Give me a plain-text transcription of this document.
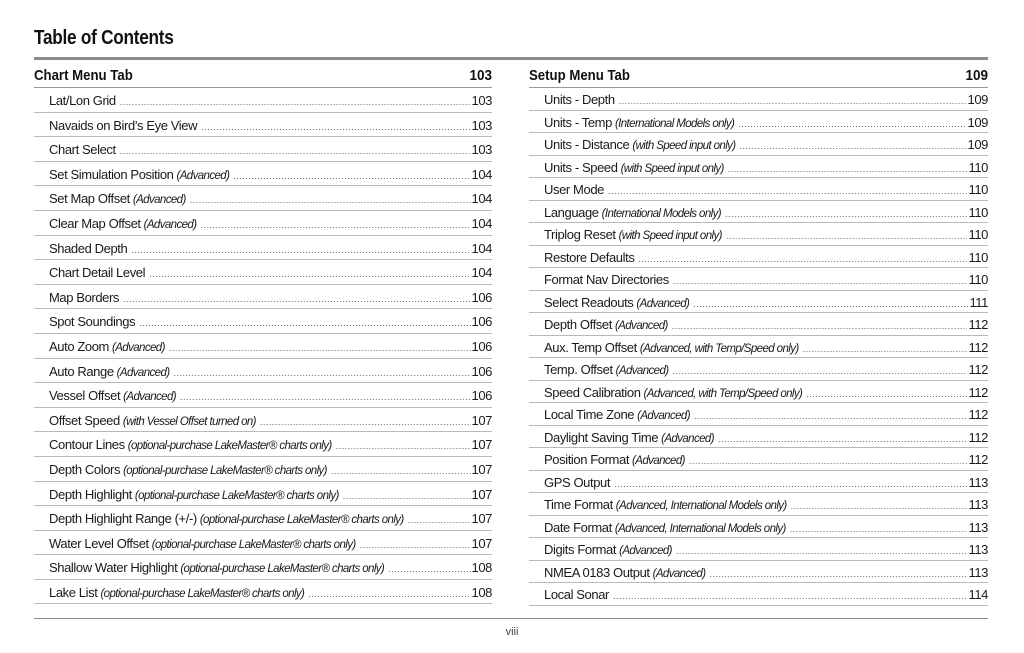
Table of Contents
Chart Menu Tab	103
Lat/Lon Grid .....	103
Navaids on Bird’s Eye View .....	103
Chart Select .....	103
Set Simulation Position (Advanced) .....	104
Set Map Offset (Advanced) .....	104
Clear Map Offset (Advanced) .....	104
Shaded Depth .....	104
Chart Detail Level .....	104
Map Borders .....	106
Spot Soundings .....	106
Auto Zoom (Advanced) .....	106
Auto Range (Advanced) .....	106
Vessel Offset (Advanced) .....	106
Offset Speed (with Vessel Offset turned on) .....	107
Contour Lines (optional-purchase LakeMaster® charts only) .....	107
Depth Colors (optional-purchase LakeMaster® charts only) .....	107
Depth Highlight (optional-purchase LakeMaster® charts only) .....	107
Depth Highlight Range (+/-) (optional-purchase LakeMaster® charts only) .....	107
Water Level Offset (optional-purchase LakeMaster® charts only) .....	107
Shallow Water Highlight (optional-purchase LakeMaster® charts only) .....	108
Lake List (optional-purchase LakeMaster® charts only) .....	108
Setup Menu Tab	109
Units - Depth .....	109
Units - Temp (International Models only) .....	109
Units - Distance (with Speed input only) .....	109
Units - Speed (with Speed input only) .....	110
User Mode .....	110
Language (International Models only) .....	110
Triplog Reset (with Speed input only) .....	110
Restore Defaults .....	110
Format Nav Directories .....	110
Select Readouts (Advanced) .....	111
Depth Offset (Advanced) .....	112
Aux. Temp Offset (Advanced, with Temp/Speed only) .....	112
Temp. Offset (Advanced) .....	112
Speed Calibration (Advanced, with Temp/Speed only) .....	112
Local Time Zone (Advanced) .....	112
Daylight Saving Time (Advanced) .....	112
Position Format (Advanced) .....	112
GPS Output .....	113
Time Format (Advanced, International Models only) .....	113
Date Format (Advanced, International Models only) .....	113
Digits Format (Advanced) .....	113
NMEA 0183 Output (Advanced) .....	113
Local Sonar .....	114
viii
